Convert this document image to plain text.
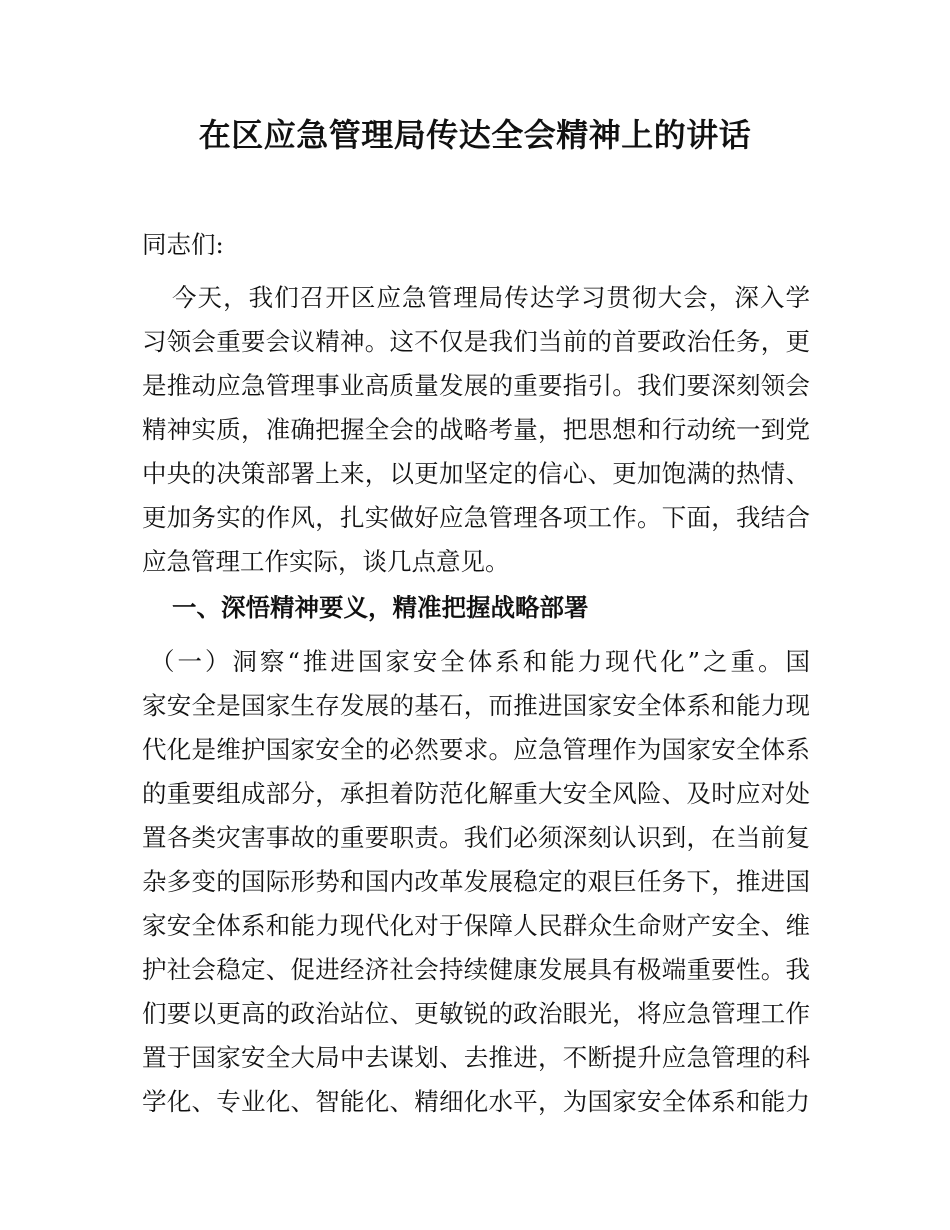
在区应急管理局传达全会精神上的讲话
同志们:
今天，我们召开区应急管理局传达学习贯彻大会，深入学
习领会重要会议精神。这不仅是我们当前的首要政治任务，更
是推动应急管理事业高质量发展的重要指引。我们要深刻领会
精神实质，准确把握全会的战略考量，把思想和行动统一到党
中央的决策部署上来，以更加坚定的信心、更加饱满的热情、
更加务实的作风，扎实做好应急管理各项工作。下面，我结合
应急管理工作实际，谈几点意见。
一、深悟精神要义，精准把握战略部署
（一）洞察“推进国家安全体系和能力现代化”之重。国
家安全是国家生存发展的基石，而推进国家安全体系和能力现
代化是维护国家安全的必然要求。应急管理作为国家安全体系
的重要组成部分，承担着防范化解重大安全风险、及时应对处
置各类灾害事故的重要职责。我们必须深刻认识到，在当前复
杂多变的国际形势和国内改革发展稳定的艰巨任务下，推进国
家安全体系和能力现代化对于保障人民群众生命财产安全、维
护社会稳定、促进经济社会持续健康发展具有极端重要性。我
们要以更高的政治站位、更敏锐的政治眼光，将应急管理工作
置于国家安全大局中去谋划、去推进，不断提升应急管理的科
学化、专业化、智能化、精细化水平，为国家安全体系和能力
